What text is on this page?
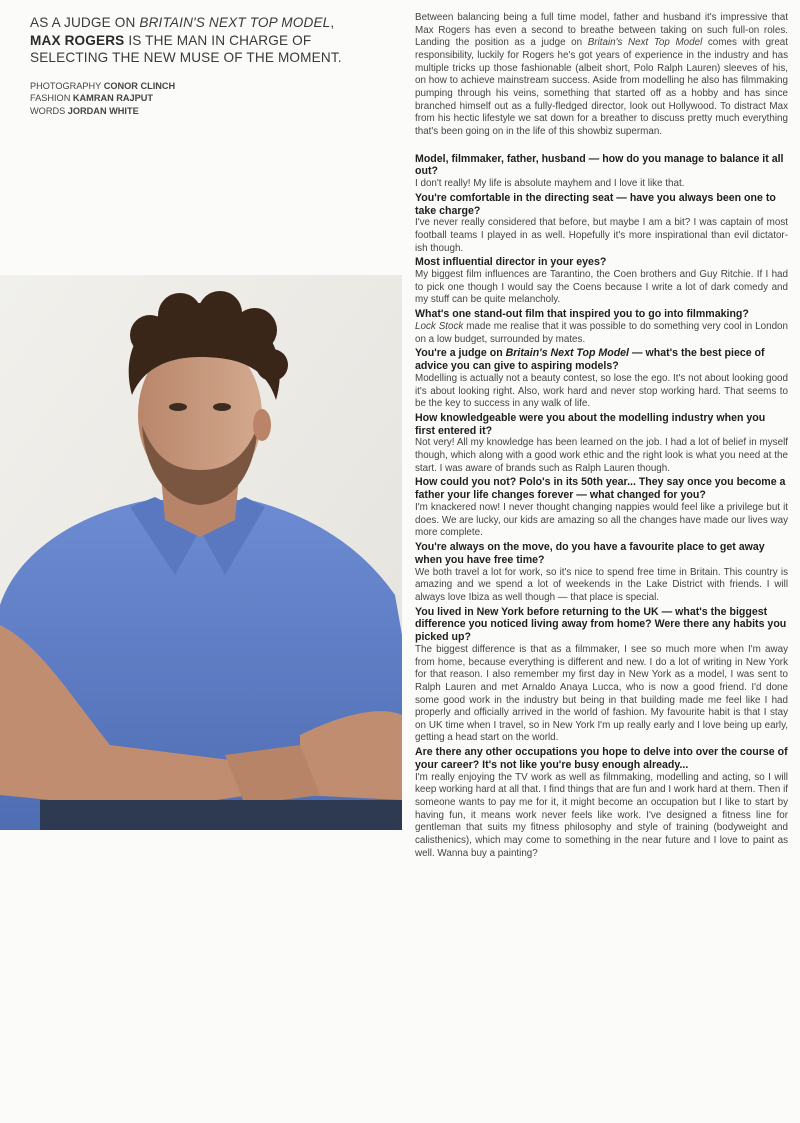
AS A JUDGE ON BRITAIN'S NEXT TOP MODEL,
MAX ROGERS IS THE MAN IN CHARGE OF SELECTING THE NEW MUSE OF THE MOMENT.
PHOTOGRAPHY CONOR CLINCH
FASHION KAMRAN RAJPUT
WORDS JORDAN WHITE

Between balancing being a full time model, father and husband it's impressive that Max Rogers has even a second to breathe between taking on such full-on roles. Landing the position as a judge on Britain's Next Top Model comes with great responsibility, luckily for Rogers he's got years of experience in the industry and has multiple tricks up those fashionable (albeit short, Polo Ralph Lauren) sleeves of his, on how to achieve mainstream success. Aside from modelling he also has filmmaking pumping through his veins, something that started off as a hobby and has since branched himself out as a fully-fledged director, look out Hollywood. To distract Max from his hectic lifestyle we sat down for a breather to discuss pretty much everything that's been going on in the life of this showbiz superman.

Model, filmmaker, father, husband — how do you manage to balance it all out?

I don't really! My life is absolute mayhem and I love it like that.

You're comfortable in the directing seat — have you always been one to take charge?

I've never really considered that before, but maybe I am a bit? I was captain of most football teams I played in as well. Hopefully it's more inspirational than evil dictator-ish though.

Most influential director in your eyes?

My biggest film influences are Tarantino, the Coen brothers and Guy Ritchie. If I had to pick one though I would say the Coens because I write a lot of dark comedy and my stuff can be quite melancholy.

What's one stand-out film that inspired you to go into filmmaking?

Lock Stock made me realise that it was possible to do something very cool in London on a low budget, surrounded by mates.

You're a judge on Britain's Next Top Model — what's the best piece of advice you can give to aspiring models?

Modelling is actually not a beauty contest, so lose the ego. It's not about looking good it's about looking right. Also, work hard and never stop working hard. That seems to be the key to success in any walk of life.

How knowledgeable were you about the modelling industry when you first entered it?

Not very! All my knowledge has been learned on the job. I had a lot of belief in myself though, which along with a good work ethic and the right look is what you need at the start. I was aware of brands such as Ralph Lauren though.

How could you not? Polo's in its 50th year... They say once you become a father your life changes forever — what changed for you?

I'm knackered now! I never thought changing nappies would feel like a privilege but it does. We are lucky, our kids are amazing so all the changes have made our lives way more complete.

You're always on the move, do you have a favourite place to get away when you have free time?

We both travel a lot for work, so it's nice to spend free time in Britain. This country is amazing and we spend a lot of weekends in the Lake District with friends. I will always love Ibiza as well though — that place is special.

You lived in New York before returning to the UK — what's the biggest difference you noticed living away from home? Were there any habits you picked up?

The biggest difference is that as a filmmaker, I see so much more when I'm away from home, because everything is different and new. I do a lot of writing in New York for that reason. I also remember my first day in New York as a model, I was sent to Ralph Lauren and met Arnaldo Anaya Lucca, who is now a good friend. I'd done some good work in the industry but being in that building made me feel like I had properly and officially arrived in the world of fashion. My favourite habit is that I stay on UK time when I travel, so in New York I'm up really early and I love being up early, getting a head start on the world.

Are there any other occupations you hope to delve into over the course of your career? It's not like you're busy enough already...

I'm really enjoying the TV work as well as filmmaking, modelling and acting, so I will keep working hard at all that. I find things that are fun and I work hard at them. Then if someone wants to pay me for it, it might become an occupation but I like to start by having fun, it means work never feels like work. I've designed a fitness line for gentleman that suits my fitness philosophy and style of training (bodyweight and calisthenics), which may come to something in the near future and I love to paint as well. Wanna buy a painting?
